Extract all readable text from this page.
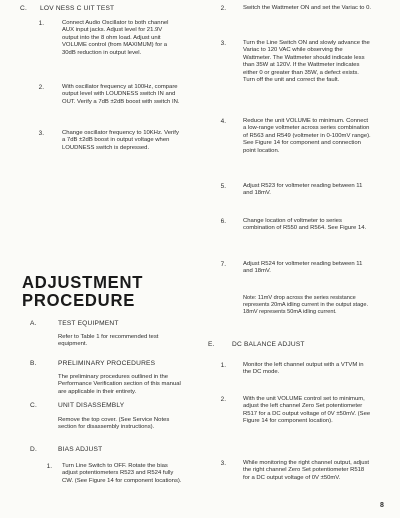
C. LOV NESS C UIT TEST
1.	Connect Audio Oscillator to both channel AUX input jacks. Adjust level for 21.9V output into the 8 ohm load. Adjust unit VOLUME control (from MAXIMUM) for a 30dB reduction in output level.
2.	With oscillator frequency at 100Hz, compare output level with LOUDNESS switch IN and OUT. Verify a 7dB ±2dB boost with switch IN.
3.	Change oscillator frequency to 10KHz. Verify a 7dB ±2dB boost in output voltage when LOUDNESS switch is depressed.
ADJUSTMENT
PROCEDURE
A.	TEST EQUIPMENT
Refer to Table 1 for recommended test equipment.
B.	PRELIMINARY PROCEDURES
The preliminary procedures outlined in the Performance Verification section of this manual are applicable in their entirety.
C.	UNIT DISASSEMBLY
Remove the top cover. (See Service Notes section for disassembly instructions).
D.	BIAS ADJUST
1. Turn Line Switch to OFF. Rotate the bias adjust potentiometers R523 and R524 fully CW. (See Figure 14 for component locations).
2.	Switch the Wattmeter ON and set the Variac to 0.
3.	Turn the Line Switch ON and slowly advance the Variac to 120 VAC while observing the Wattmeter. The Wattmeter should indicate less than 35W at 120V. If the Wattmeter indicates either 0 or greater than 35W, a defect exists. Turn off the unit and correct the fault.
4.	Reduce the unit VOLUME to minimum. Connect a low-range voltmeter across series combination of R563 and R549 (voltmeter in 0-100mV range). See Figure 14 for component and connection point location.
5.	Adjust R523 for voltmeter reading between 11 and 18mV.
6.	Change location of voltmeter to series combination of R550 and R564. See Figure 14.
7.	Adjust R524 for voltmeter reading between 11 and 18mV.
Note: 11mV drop across the series resistance represents 20mA idling current in the output stage. 18mV represents 50mA idling current.
E.	DC BALANCE ADJUST
1.	Monitor the left channel output with a VTVM in the DC mode.
2.	With the unit VOLUME control set to minimum, adjust the left channel Zero Set potentiometer R517 for a DC output voltage of 0V ±50mV. (See Figure 14 for component location).
3.	While monitoring the right channel output, adjust the right channel Zero Set potentiometer R518 for a DC output voltage of 0V ±50mV.
8
